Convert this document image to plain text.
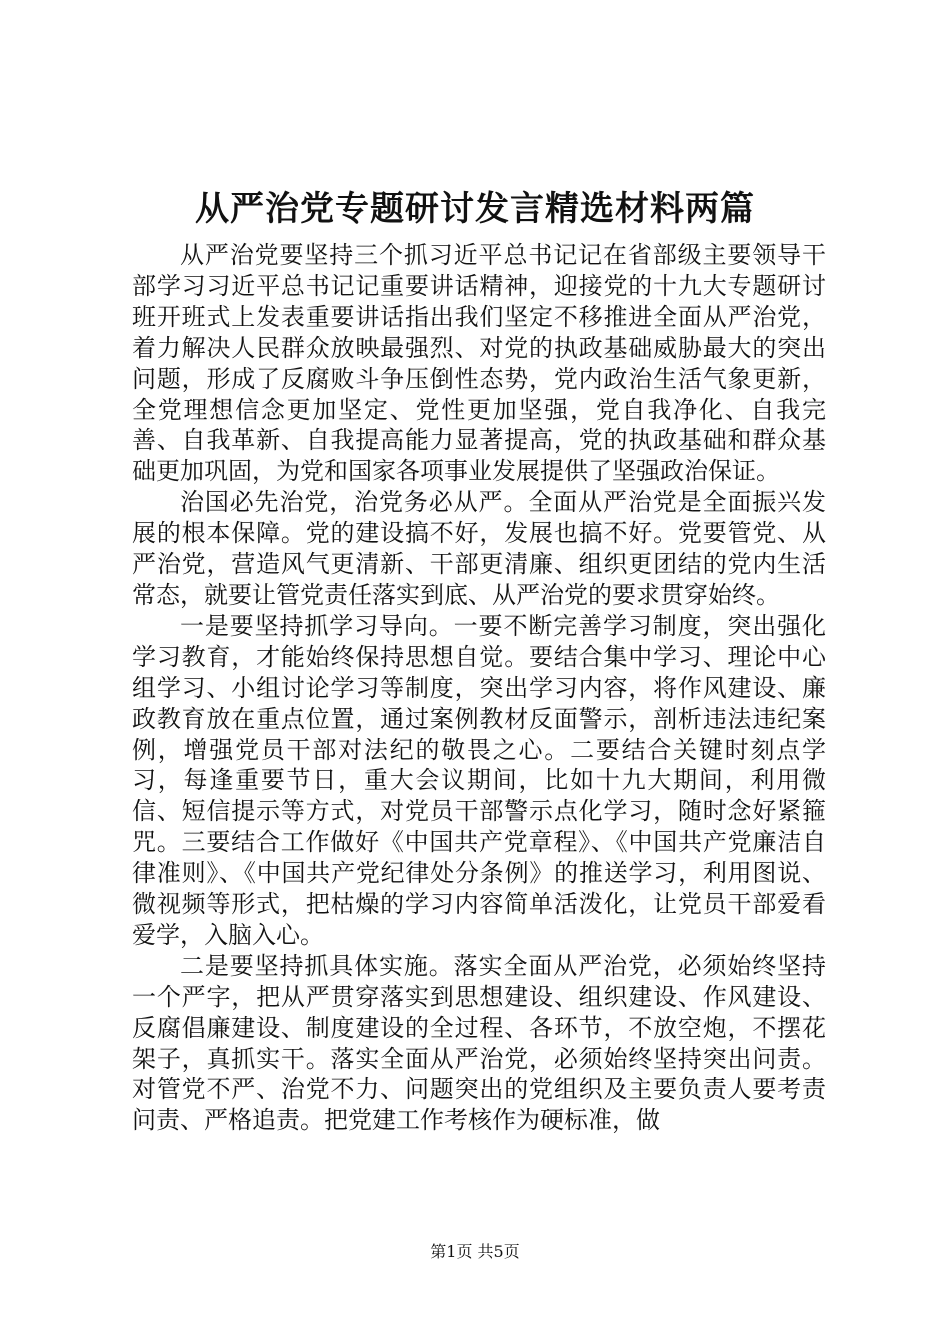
从严治党专题研讨发言精选材料两篇

从严治党要坚持三个抓习近平总书记记在省部级主要领导干部学习习近平总书记记重要讲话精神，迎接党的十九大专题研讨班开班式上发表重要讲话指出我们坚定不移推进全面从严治党，着力解决人民群众放映最强烈、对党的执政基础威胁最大的突出问题，形成了反腐败斗争压倒性态势，党内政治生活气象更新，全党理想信念更加坚定、党性更加坚强，党自我净化、自我完善、自我革新、自我提高能力显著提高，党的执政基础和群众基础更加巩固，为党和国家各项事业发展提供了坚强政治保证。

治国必先治党，治党务必从严。全面从严治党是全面振兴发展的根本保障。党的建设搞不好，发展也搞不好。党要管党、从严治党，营造风气更清新、干部更清廉、组织更团结的党内生活常态，就要让管党责任落实到底、从严治党的要求贯穿始终。

一是要坚持抓学习导向。一要不断完善学习制度，突出强化学习教育，才能始终保持思想自觉。要结合集中学习、理论中心组学习、小组讨论学习等制度，突出学习内容，将作风建设、廉政教育放在重点位置，通过案例教材反面警示，剖析违法违纪案例，增强党员干部对法纪的敬畏之心。二要结合关键时刻点学习，每逢重要节日，重大会议期间，比如十九大期间，利用微信、短信提示等方式，对党员干部警示点化学习，随时念好紧箍咒。三要结合工作做好《中国共产党章程》、《中国共产党廉洁自律准则》、《中国共产党纪律处分条例》的推送学习，利用图说、微视频等形式，把枯燥的学习内容简单活泼化，让党员干部爱看爱学，入脑入心。

二是要坚持抓具体实施。落实全面从严治党，必须始终坚持一个严字，把从严贯穿落实到思想建设、组织建设、作风建设、反腐倡廉建设、制度建设的全过程、各环节，不放空炮，不摆花架子，真抓实干。落实全面从严治党，必须始终坚持突出问责。对管党不严、治党不力、问题突出的党组织及主要负责人要考责问责、严格追责。把党建工作考核作为硬标准，做

第1页 共5页
